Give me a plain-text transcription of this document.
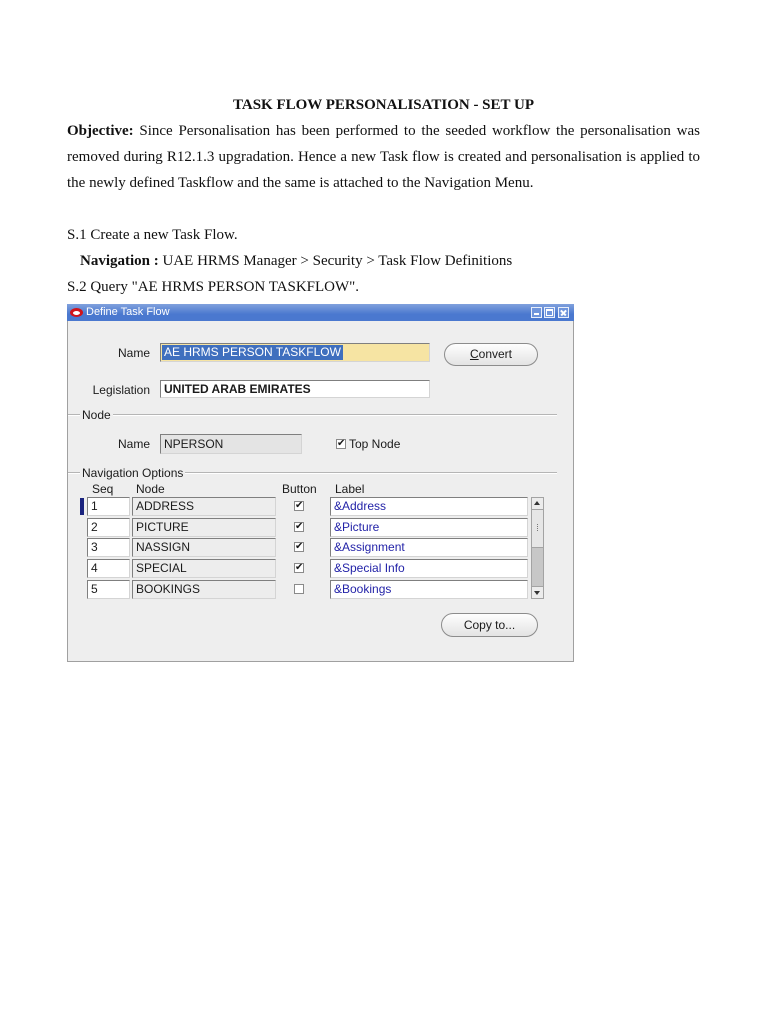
TASK FLOW PERSONALISATION - SET UP
Objective: Since Personalisation has been performed to the seeded workflow the personalisation was
removed during R12.1.3 upgradation. Hence a new Task flow is created and personalisation is applied to
the newly defined Taskflow and the same is attached to the Navigation Menu.
S.1 Create a new Task Flow.
Navigation : UAE HRMS Manager > Security > Task Flow Definitions
S.2 Query "AE HRMS PERSON TASKFLOW".
Define Task Flow
Name	AE HRMS PERSON TASKFLOW	Convert
Legislation	UNITED ARAB EMIRATES
Node
Name	NPERSON ✔	Top Node
Navigation Options
Seq Node	Button Label
1	ADDRESS ✔	&Address
2	PICTURE ✔	&Picture
3	NASSIGN ✔	&Assignment
4	SPECIAL ✔	&Special Info
5	BOOKINGS	&Bookings
Copy to...
